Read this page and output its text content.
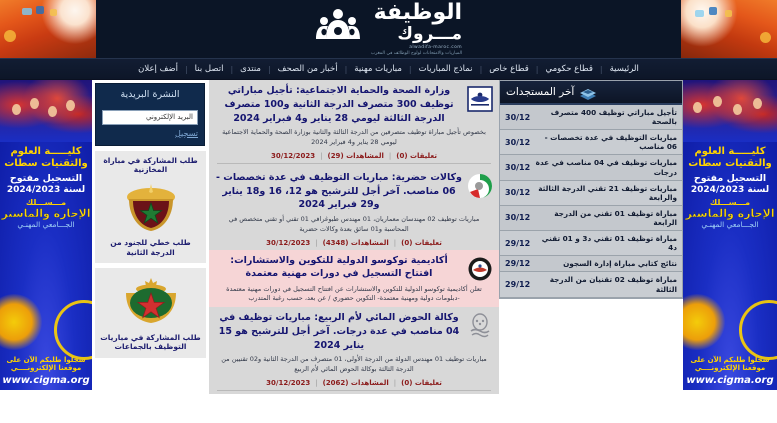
الوظيفة
مـــروك
alwadifa-maroc.com
المباريات والامتحانات لولوج الوظائف في المغرب
الرئيسية
|
قطاع حكومي
|
قطاع خاص
|
نماذج المباريات
|
مباريات مهنية
|
أخبار من الصحف
|
منتدى
|
اتصل بنا
|
أضف إعلان
كليـــــة العلوم والتقنيات سطات
التسجيل مفتوح
لسنة 2024/2023
مـــســـلك
الإجازة والماستر
الجـــامعي المهنـي
سجلوا طلبكم الآن على
موقعنا الإلكترونــــي
www.cigma.org
النشرة البريدية
البريد الإلكتروني
تسجيل
طلب المشاركة في مباراة المخازنية
طلب خطي للجنود من الدرجة الثانية
طلب المشاركة في مباريات التوظيف بالجماعات
وزارة الصحة والحماية الاجتماعية: تأجيل مباراتي توظيف 300 متصرف الدرجة الثانية و100 متصرف الدرجة الثالثة ليومي 28 يناير و4 فبراير 2024
بخصوص تأجيل مباراة توظيف متصرفين من الدرجة الثالثة والثانية بوزارة الصحة والحماية الاجتماعية ليومي 28 يناير و4 فبراير 2024
تعليقات (0)
|
المشاهدات (29)
|
30/12/2023
وكالات حضرية: مباريات التوظيف في عدة تخصصات - 06 مناصب. آخر أجل للترشيح هو 12، 16 و18 يناير و29 فبراير 2024
مباريات توظيف 02 مهندسان معماريان، 01 مهندس طبوغرافي 01 تقني أو تقني متخصص في المحاسبة و01 سائق بعدة وكالات حضرية
تعليقات (0)
|
المشاهدات (4348)
|
30/12/2023
أكاديمية توكوسو الدولية للتكوين والاستشارات: افتتاح التسجيل في دورات مهنية معتمدة
تعلن أكاديمية توكوسو الدولية للتكوين والاستشارات عن افتتاح التسجيل في دورات مهنية معتمدة -دبلومات دولية ومهنية معتمدة- التكوين حضوري / عن بعد، حسب رغبة المتدرب
وكالة الحوض المائي لأم الربيع: مباريات توظيف في 04 مناصب في عدة درجات. آخر أجل للترشيح هو 15 يناير 2024
مباريات توظيف 01 مهندس الدولة من الدرجة الأولى، 01 متصرف من الدرجة الثانية و02 تقنيين من الدرجة الثالثة بوكالة الحوض المائي لأم الربيع
تعليقات (0)
|
المشاهدات (2062)
|
30/12/2023
آخر المستجدات
30/12
تأجيل مباراتي توظيف 400 متصرف بالصحة
30/12
مباريات التوظيف في عدة تخصصات - 06 مناصب
30/12
مباريات توظيف في 04 مناصب في عدة درجات
30/12
مباريات توظيف 21 تقني الدرجة الثالثة والرابعة
30/12
مباراة توظيف 01 تقني من الدرجة الرابعة
29/12
مباراة توظيف 01 تقني د3 و 01 تقني د4
29/12	نتائج كتابي مباراة إدارة السجون
29/12
مباراة توظيف 02 تقنيان من الدرجة الثالثة
كليـــــة العلوم والتقنيات سطات
التسجيل مفتوح
لسنة 2024/2023
مـــســـلك
الإجازة والماستر
الجـــامعي المهنـي
سجلوا طلبكم الآن على
موقعنا الإلكترونــــي
www.cigma.org
